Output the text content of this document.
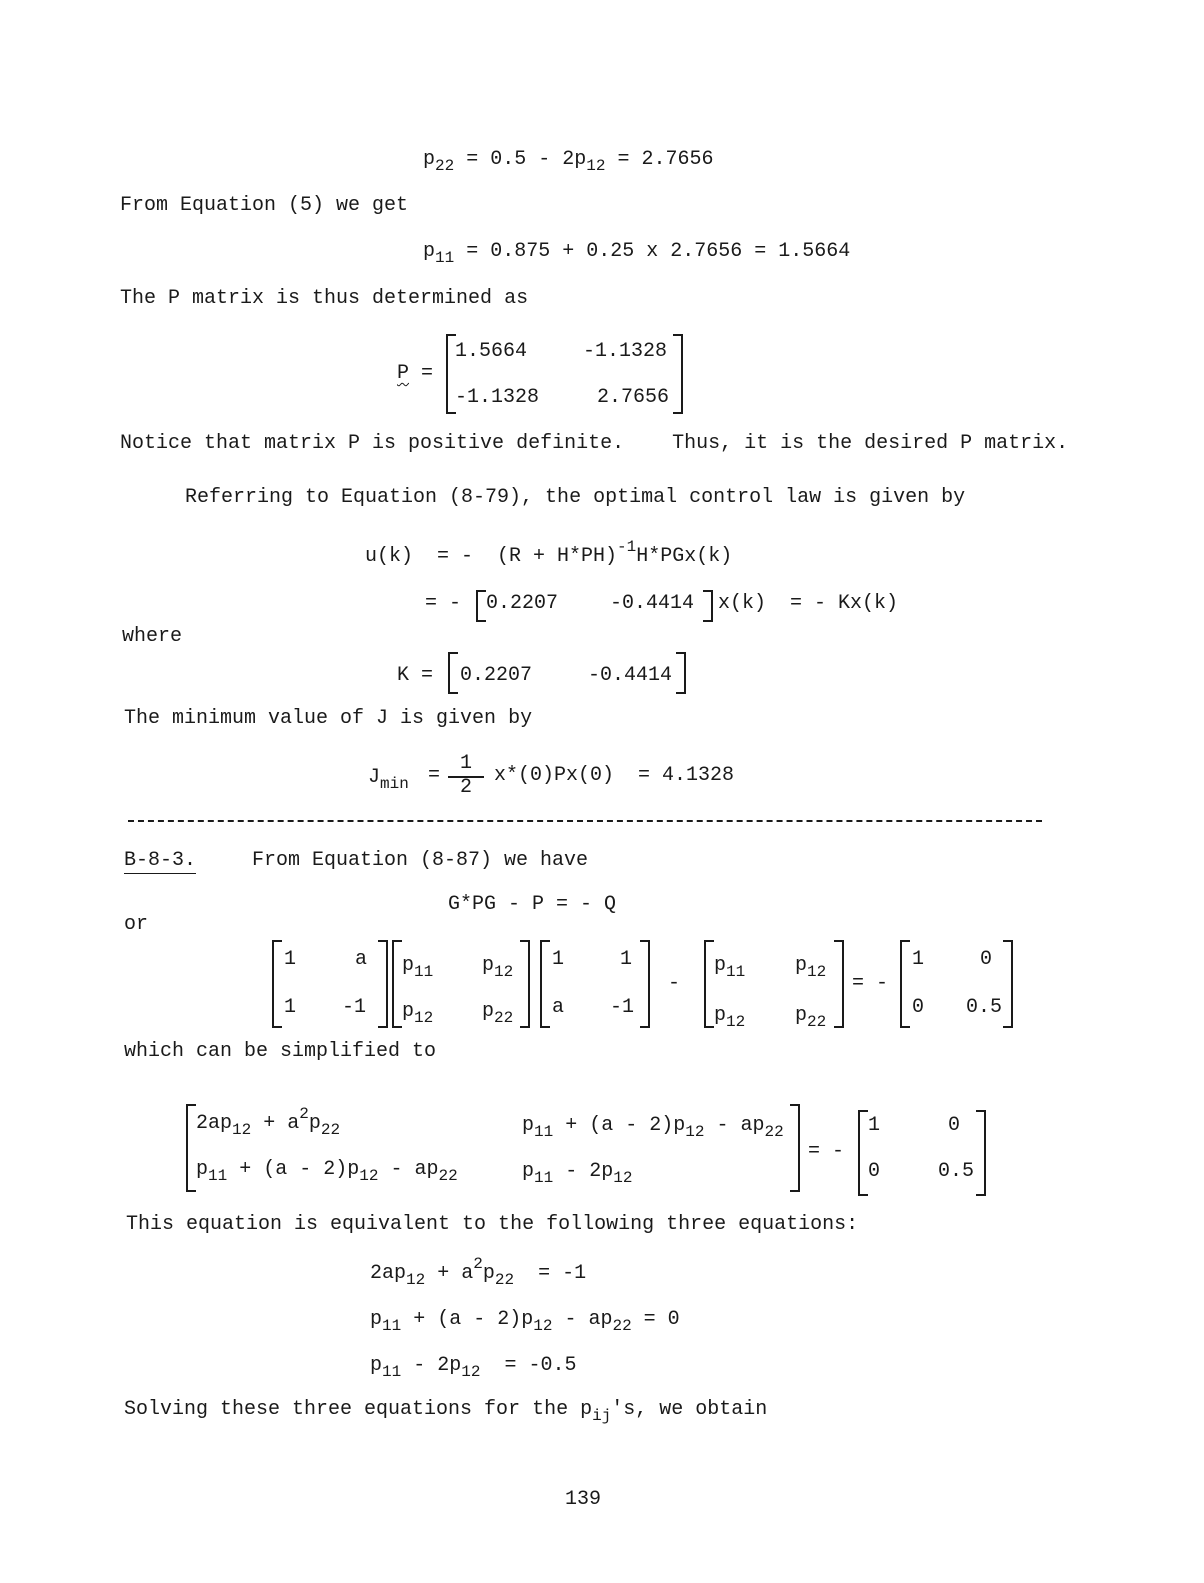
$p_{22} = 0.5 - 2p_{12} = 2.7656$
From Equation (5) we get
$p_{11} = 0.875 + 0.25$ x 2.7656 = 1.5664
The P matrix is thus determined as
P =
1.5664	-1.1328
-1.1328	2.7656
Notice that matrix P is positive definite.    Thus, it is the desired P matrix.
Referring to Equation (8-79), the optimal control law is given by
u(k)  = -  $(R + H*PH)^{-1}H*PGx(k)$
= - 0.2207	-0.4414 x(k)  = - Kx(k)
where
K = 0.2207	-0.4414
The minimum value of J is given by
$J_{min}$ =
1
2
x*(0)Px(0)  = 4.1328
B-8-3.	From Equation (8-87) we have
G*PG - P = - Q
or
1	a
1 -1
$p_{11}$ $p_{12}$
$p_{12}$ $p_{22}$
1	1
a -1
-
$p_{11}$ $p_{12}$
$p_{12}$ $p_{22}$
= -
1	0
0 0.5
which can be simplified to
$2ap_{12} + a^2p_{22}$	$p_{11} + (a - 2)p_{12} - ap_{22}$
$p_{11} + (a - 2)p_{12} - ap_{22}$	$p_{11} - 2p_{12}$
= -
1	0
0	0.5
This equation is equivalent to the following three equations:
$2ap_{12} + a^2p_{22} = -1$
$p_{11} + (a - 2)p_{12} - ap_{22} = 0$
$p_{11} - 2p_{12} = -0.5$
Solving these three equations for the $p_{ij}'s$, we obtain
139
